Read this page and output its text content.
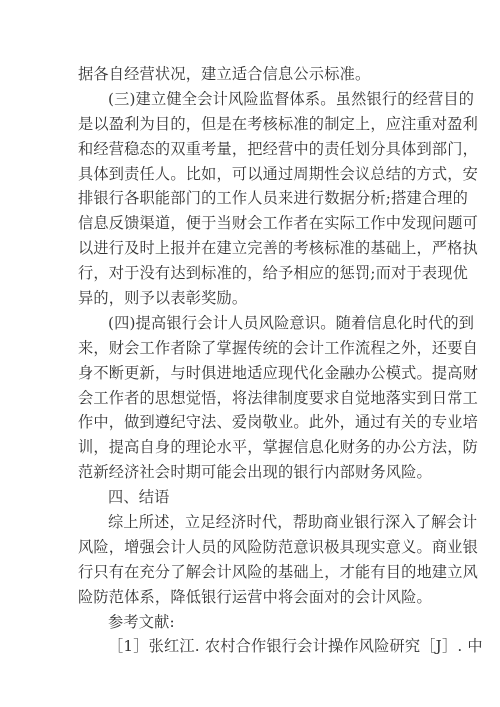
据各自经营状况，建立适合信息公示标准。
(三)建立健全会计风险监督体系。虽然银行的经营目的
是以盈利为目的，但是在考核标准的制定上，应注重对盈利
和经营稳态的双重考量，把经营中的责任划分具体到部门，
具体到责任人。比如，可以通过周期性会议总结的方式，安
排银行各职能部门的工作人员来进行数据分析;搭建合理的
信息反馈渠道，便于当财会工作者在实际工作中发现问题可
以进行及时上报并在建立完善的考核标准的基础上，严格执
行，对于没有达到标准的，给予相应的惩罚;而对于表现优
异的，则予以表彰奖励。
(四)提高银行会计人员风险意识。随着信息化时代的到
来，财会工作者除了掌握传统的会计工作流程之外，还要自
身不断更新，与时俱进地适应现代化金融办公模式。提高财
会工作者的思想觉悟，将法律制度要求自觉地落实到日常工
作中，做到遵纪守法、爱岗敬业。此外，通过有关的专业培
训，提高自身的理论水平，掌握信息化财务的办公方法，防
范新经济社会时期可能会出现的银行内部财务风险。
四、结语
综上所述，立足经济时代，帮助商业银行深入了解会计
风险，增强会计人员的风险防范意识极具现实意义。商业银
行只有在充分了解会计风险的基础上，才能有目的地建立风
险防范体系，降低银行运营中将会面对的会计风险。
参考文献:
［1］张红江. 农村合作银行会计操作风险研究［J］. 中
